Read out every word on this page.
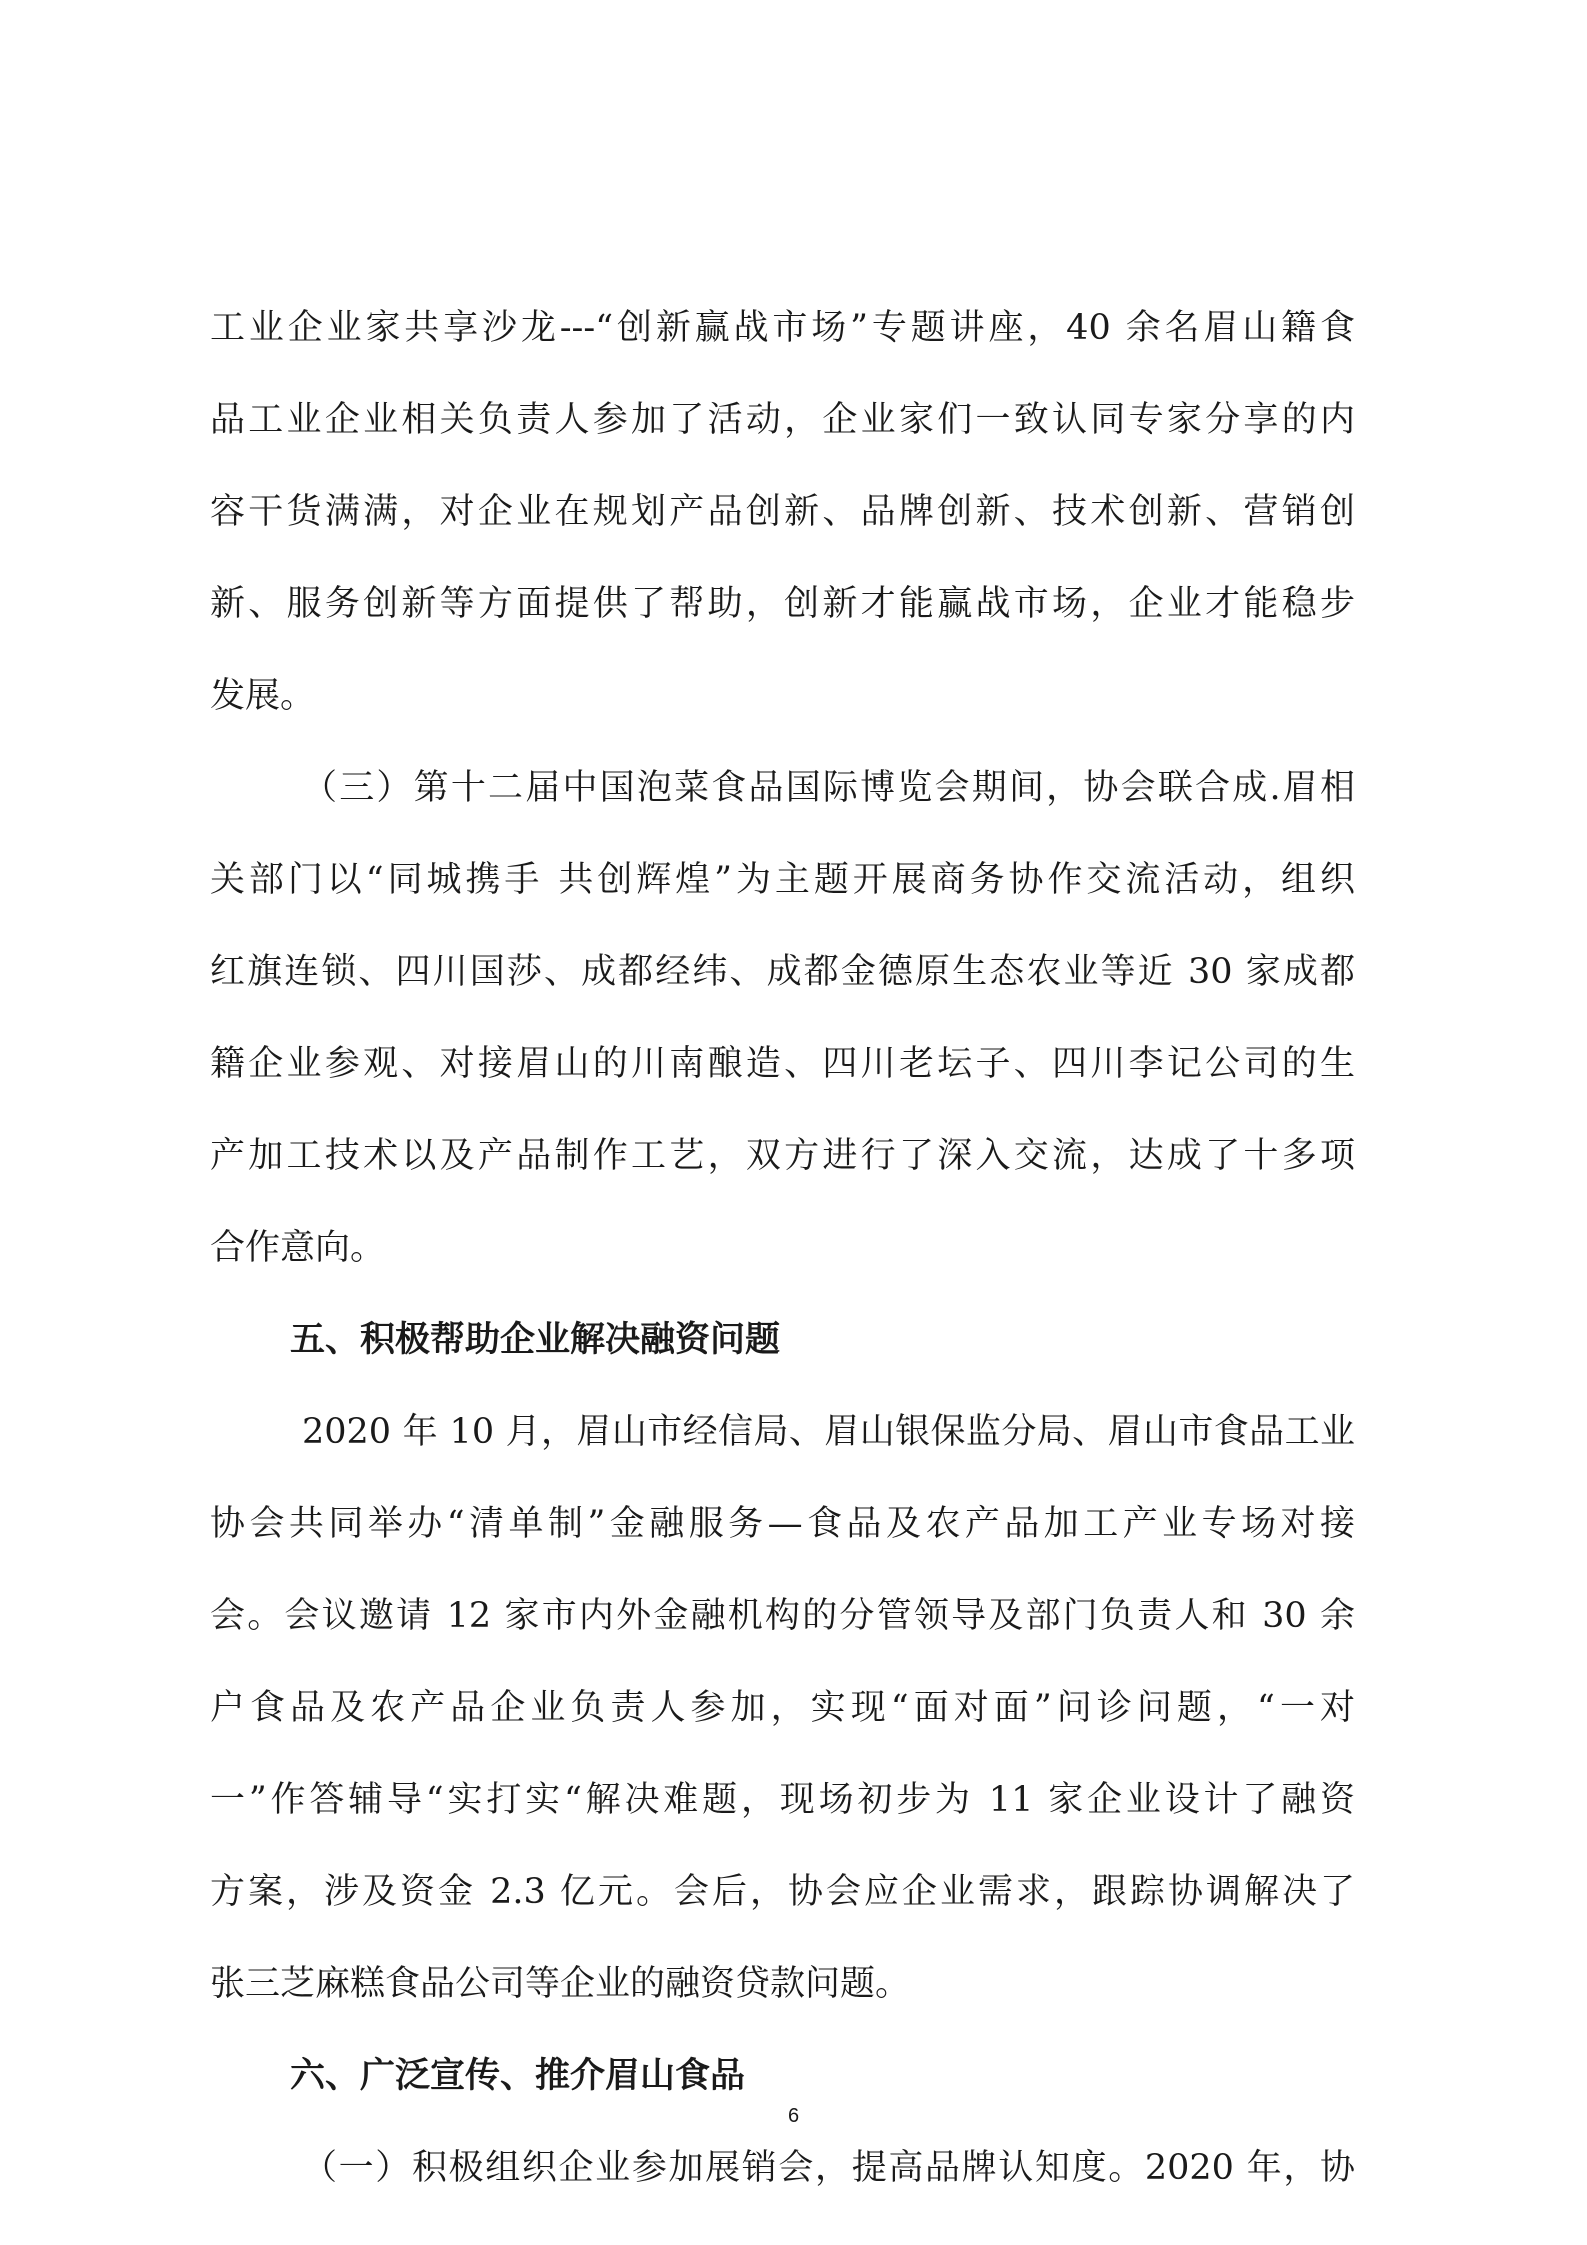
工业企业家共享沙龙---“创新赢战市场”专题讲座，40 余名眉山籍食
品工业企业相关负责人参加了活动，企业家们一致认同专家分享的内
容干货满满，对企业在规划产品创新、品牌创新、技术创新、营销创
新、服务创新等方面提供了帮助，创新才能赢战市场，企业才能稳步
发展。
（三）第十二届中国泡菜食品国际博览会期间，协会联合成.眉相
关部门以“同城携手 共创辉煌”为主题开展商务协作交流活动，组织
红旗连锁、四川国莎、成都经纬、成都金德原生态农业等近 30 家成都
籍企业参观、对接眉山的川南酿造、四川老坛子、四川李记公司的生
产加工技术以及产品制作工艺，双方进行了深入交流，达成了十多项
合作意向。
五、积极帮助企业解决融资问题
2020 年 10 月，眉山市经信局、眉山银保监分局、眉山市食品工业
协会共同举办“清单制”金融服务—食品及农产品加工产业专场对接
会。会议邀请 12 家市内外金融机构的分管领导及部门负责人和 30 余
户食品及农产品企业负责人参加，实现“面对面”问诊问题，“一对
一”作答辅导“实打实“解决难题，现场初步为 11 家企业设计了融资
方案，涉及资金 2.3 亿元。会后，协会应企业需求，跟踪协调解决了
张三芝麻糕食品公司等企业的融资贷款问题。
六、广泛宣传、推介眉山食品
（一）积极组织企业参加展销会，提高品牌认知度。2020 年，协
6
